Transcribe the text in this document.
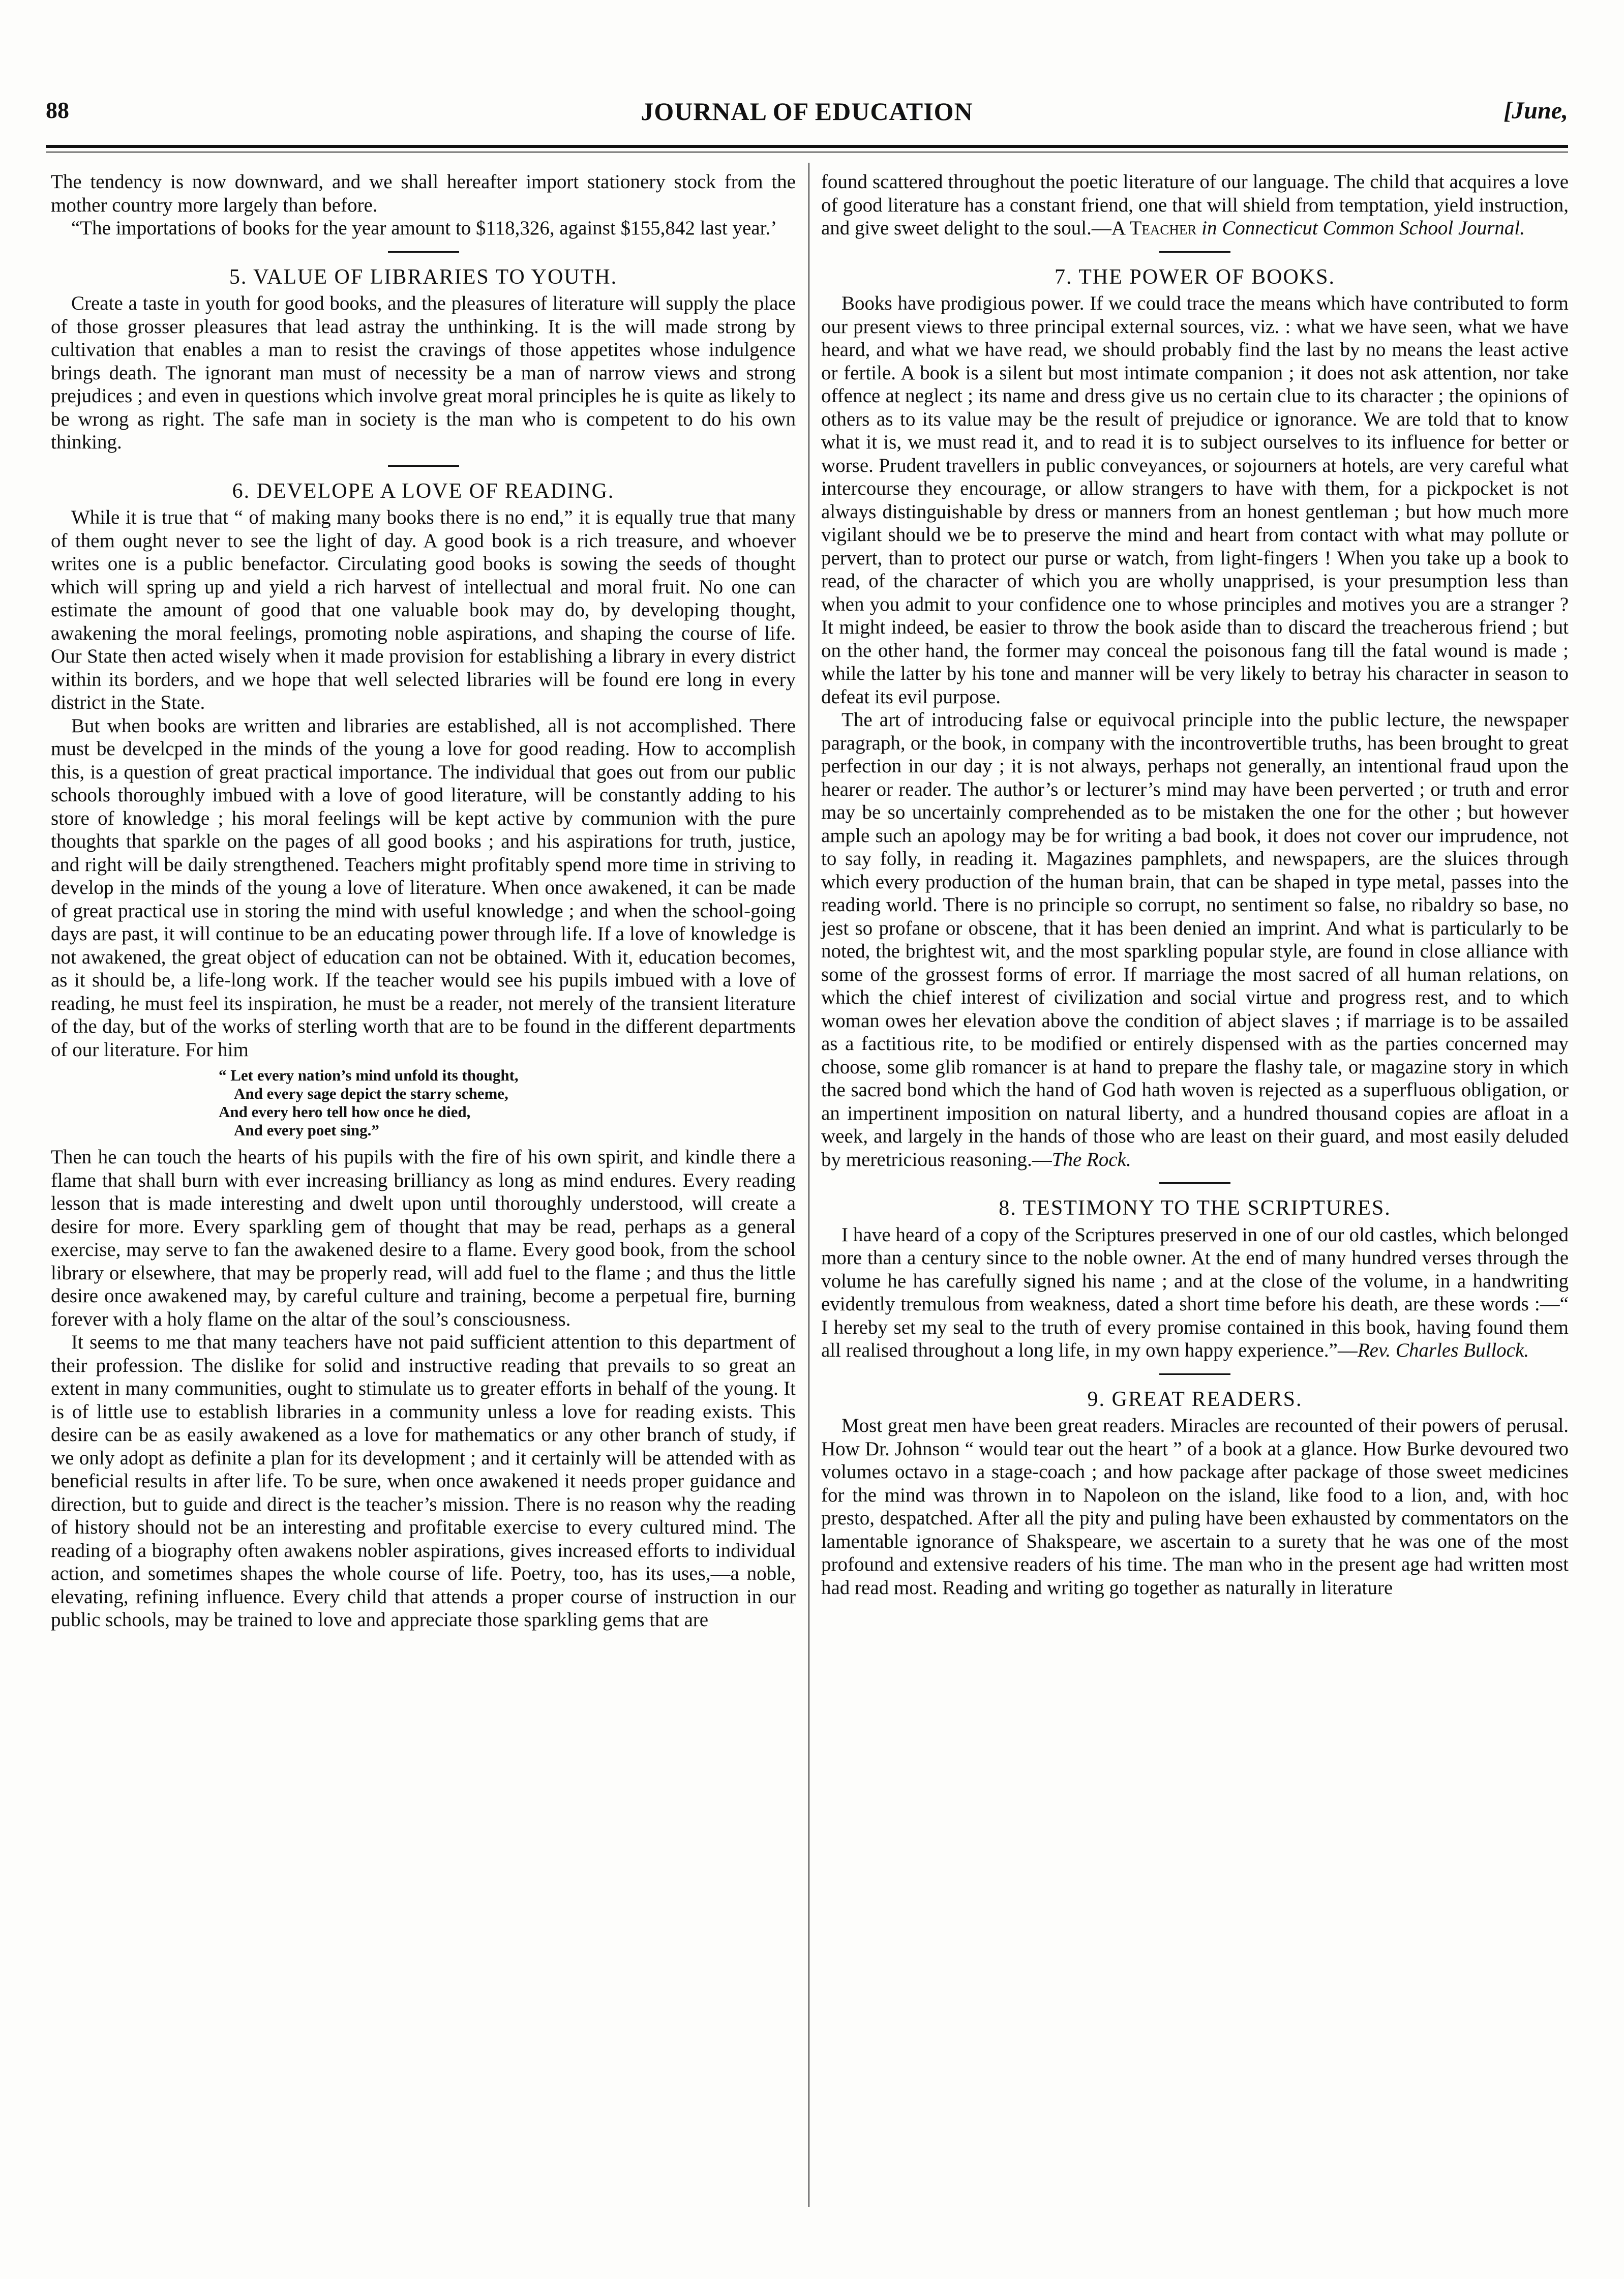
88	JOURNAL OF EDUCATION	[June,

The tendency is now downward, and we shall hereafter import stationery stock from the mother country more largely than before.

“The importations of books for the year amount to $118,326, against $155,842 last year.’

5. VALUE OF LIBRARIES TO YOUTH.

Create a taste in youth for good books, and the pleasures of literature will supply the place of those grosser pleasures that lead astray the unthinking. It is the will made strong by cultivation that enables a man to resist the cravings of those appetites whose indulgence brings death. The ignorant man must of necessity be a man of narrow views and strong prejudices ; and even in questions which involve great moral principles he is quite as likely to be wrong as right. The safe man in society is the man who is competent to do his own thinking.

6. DEVELOPE A LOVE OF READING.

While it is true that “ of making many books there is no end,” it is equally true that many of them ought never to see the light of day. A good book is a rich treasure, and whoever writes one is a public benefactor. Circulating good books is sowing the seeds of thought which will spring up and yield a rich harvest of intellectual and moral fruit. No one can estimate the amount of good that one valuable book may do, by developing thought, awakening the moral feelings, promoting noble aspirations, and shaping the course of life. Our State then acted wisely when it made provision for establishing a library in every district within its borders, and we hope that well selected libraries will be found ere long in every district in the State.

But when books are written and libraries are established, all is not accomplished. There must be develcped in the minds of the young a love for good reading. How to accomplish this, is a question of great practical importance. The individual that goes out from our public schools thoroughly imbued with a love of good literature, will be constantly adding to his store of knowledge ; his moral feelings will be kept active by communion with the pure thoughts that sparkle on the pages of all good books ; and his aspirations for truth, justice, and right will be daily strengthened. Teachers might profitably spend more time in striving to develop in the minds of the young a love of literature. When once awakened, it can be made of great practical use in storing the mind with useful knowledge ; and when the school-going days are past, it will continue to be an educating power through life. If a love of knowledge is not awakened, the great object of education can not be obtained. With it, education becomes, as it should be, a life-long work. If the teacher would see his pupils imbued with a love of reading, he must feel its inspiration, he must be a reader, not merely of the transient literature of the day, but of the works of sterling worth that are to be found in the different departments of our literature. For him

“ Let every nation’s mind unfold its thought,
And every sage depict the starry scheme,
And every hero tell how once he died,
And every poet sing.”

Then he can touch the hearts of his pupils with the fire of his own spirit, and kindle there a flame that shall burn with ever increasing brilliancy as long as mind endures. Every reading lesson that is made interesting and dwelt upon until thoroughly understood, will create a desire for more. Every sparkling gem of thought that may be read, perhaps as a general exercise, may serve to fan the awakened desire to a flame. Every good book, from the school library or elsewhere, that may be properly read, will add fuel to the flame ; and thus the little desire once awakened may, by careful culture and training, become a perpetual fire, burning forever with a holy flame on the altar of the soul’s consciousness.

It seems to me that many teachers have not paid sufficient attention to this department of their profession. The dislike for solid and instructive reading that prevails to so great an extent in many communities, ought to stimulate us to greater efforts in behalf of the young. It is of little use to establish libraries in a community unless a love for reading exists. This desire can be as easily awakened as a love for mathematics or any other branch of study, if we only adopt as definite a plan for its development ; and it certainly will be attended with as beneficial results in after life. To be sure, when once awakened it needs proper guidance and direction, but to guide and direct is the teacher’s mission. There is no reason why the reading of history should not be an interesting and profitable exercise to every cultured mind. The reading of a biography often awakens nobler aspirations, gives increased efforts to individual action, and sometimes shapes the whole course of life. Poetry, too, has its uses,—a noble, elevating, refining influence. Every child that attends a proper course of instruction in our public schools, may be trained to love and appreciate those sparkling gems that are

found scattered throughout the poetic literature of our language. The child that acquires a love of good literature has a constant friend, one that will shield from temptation, yield instruction, and give sweet delight to the soul.—A Teacher in Connecticut Common School Journal.

7. THE POWER OF BOOKS.

Books have prodigious power. If we could trace the means which have contributed to form our present views to three principal external sources, viz. : what we have seen, what we have heard, and what we have read, we should probably find the last by no means the least active or fertile. A book is a silent but most intimate companion ; it does not ask attention, nor take offence at neglect ; its name and dress give us no certain clue to its character ; the opinions of others as to its value may be the result of prejudice or ignorance. We are told that to know what it is, we must read it, and to read it is to subject ourselves to its influence for better or worse. Prudent travellers in public conveyances, or sojourners at hotels, are very careful what intercourse they encourage, or allow strangers to have with them, for a pickpocket is not always distinguishable by dress or manners from an honest gentleman ; but how much more vigilant should we be to preserve the mind and heart from contact with what may pollute or pervert, than to protect our purse or watch, from light-fingers ! When you take up a book to read, of the character of which you are wholly unapprised, is your presumption less than when you admit to your confidence one to whose principles and motives you are a stranger ? It might indeed, be easier to throw the book aside than to discard the treacherous friend ; but on the other hand, the former may conceal the poisonous fang till the fatal wound is made ; while the latter by his tone and manner will be very likely to betray his character in season to defeat its evil purpose.

The art of introducing false or equivocal principle into the public lecture, the newspaper paragraph, or the book, in company with the incontrovertible truths, has been brought to great perfection in our day ; it is not always, perhaps not generally, an intentional fraud upon the hearer or reader. The author’s or lecturer’s mind may have been perverted ; or truth and error may be so uncertainly comprehended as to be mistaken the one for the other ; but however ample such an apology may be for writing a bad book, it does not cover our imprudence, not to say folly, in reading it. Magazines pamphlets, and newspapers, are the sluices through which every production of the human brain, that can be shaped in type metal, passes into the reading world. There is no principle so corrupt, no sentiment so false, no ribaldry so base, no jest so profane or obscene, that it has been denied an imprint. And what is particularly to be noted, the brightest wit, and the most sparkling popular style, are found in close alliance with some of the grossest forms of error. If marriage the most sacred of all human relations, on which the chief interest of civilization and social virtue and progress rest, and to which woman owes her elevation above the condition of abject slaves ; if marriage is to be assailed as a factitious rite, to be modified or entirely dispensed with as the parties concerned may choose, some glib romancer is at hand to prepare the flashy tale, or magazine story in which the sacred bond which the hand of God hath woven is rejected as a superfluous obligation, or an impertinent imposition on natural liberty, and a hundred thousand copies are afloat in a week, and largely in the hands of those who are least on their guard, and most easily deluded by meretricious reasoning.—The Rock.

8. TESTIMONY TO THE SCRIPTURES.

I have heard of a copy of the Scriptures preserved in one of our old castles, which belonged more than a century since to the noble owner. At the end of many hundred verses through the volume he has carefully signed his name ; and at the close of the volume, in a handwriting evidently tremulous from weakness, dated a short time before his death, are these words :—“ I hereby set my seal to the truth of every promise contained in this book, having found them all realised throughout a long life, in my own happy experience.”—Rev. Charles Bullock.

9. GREAT READERS.

Most great men have been great readers. Miracles are recounted of their powers of perusal. How Dr. Johnson “ would tear out the heart ” of a book at a glance. How Burke devoured two volumes octavo in a stage-coach ; and how package after package of those sweet medicines for the mind was thrown in to Napoleon on the island, like food to a lion, and, with hoc presto, despatched. After all the pity and puling have been exhausted by commentators on the lamentable ignorance of Shakspeare, we ascertain to a surety that he was one of the most profound and extensive readers of his time. The man who in the present age had written most had read most. Reading and writing go together as naturally in literature
